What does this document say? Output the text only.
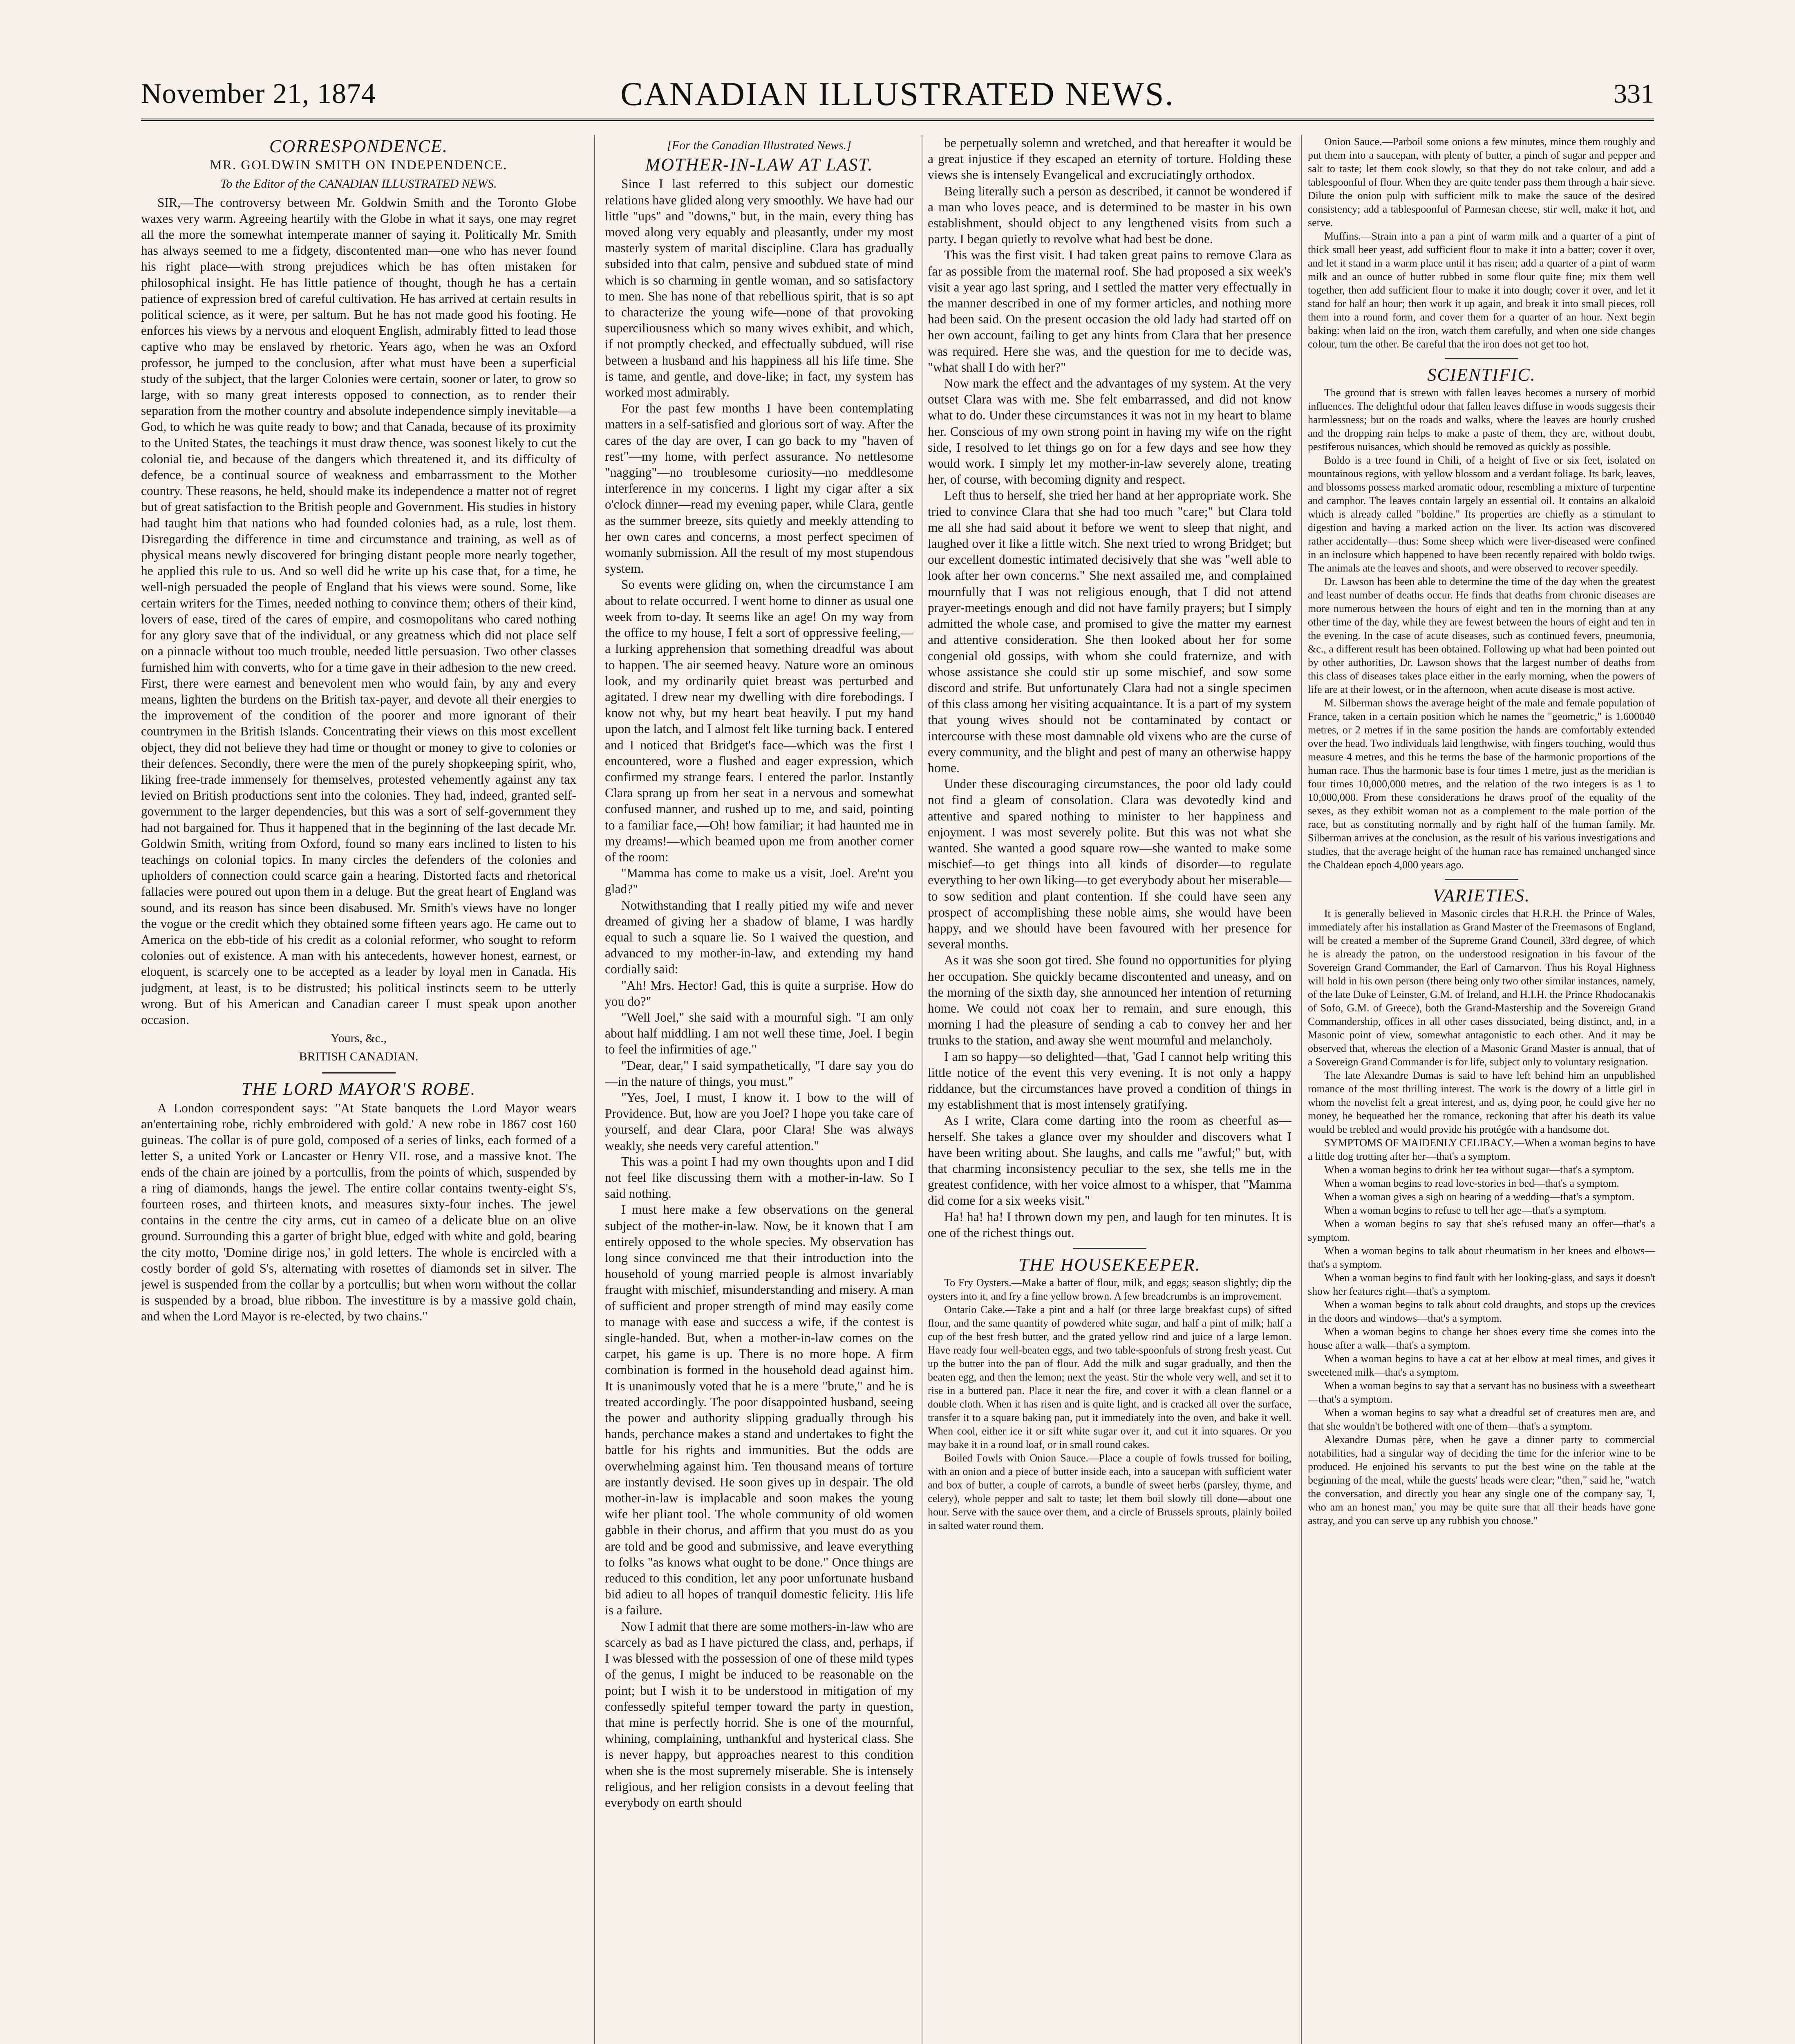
November 21, 1874	CANADIAN ILLUSTRATED NEWS.	331
CORRESPONDENCE.
MR. GOLDWIN SMITH ON INDEPENDENCE.
To the Editor of the CANADIAN ILLUSTRATED NEWS.

SIR,—The controversy between Mr. Goldwin Smith and the Toronto Globe waxes very warm. Agreeing heartily with the Globe in what it says, one may regret all the more the somewhat intemperate manner of saying it. Politically Mr. Smith has always seemed to me a fidgety, discontented man—one who has never found his right place—with strong prejudices which he has often mistaken for philosophical insight. He has little patience of thought, though he has a certain patience of expression bred of careful cultivation. He has arrived at certain results in political science, as it were, per saltum. But he has not made good his footing. He enforces his views by a nervous and eloquent English, admirably fitted to lead those captive who may be enslaved by rhetoric. Years ago, when he was an Oxford professor, he jumped to the conclusion, after what must have been a superficial study of the subject, that the larger Colonies were certain, sooner or later, to grow so large, with so many great interests opposed to connection, as to render their separation from the mother country and absolute independence simply inevitable—a God, to which he was quite ready to bow; and that Canada, because of its proximity to the United States, the teachings it must draw thence, was soonest likely to cut the colonial tie, and because of the dangers which threatened it, and its difficulty of defence, be a continual source of weakness and embarrassment to the Mother country. These reasons, he held, should make its independence a matter not of regret but of great satisfaction to the British people and Government. His studies in history had taught him that nations who had founded colonies had, as a rule, lost them. Disregarding the difference in time and circumstance and training, as well as of physical means newly discovered for bringing distant people more nearly together, he applied this rule to us. And so well did he write up his case that, for a time, he well-nigh persuaded the people of England that his views were sound. Some, like certain writers for the Times, needed nothing to convince them; others of their kind, lovers of ease, tired of the cares of empire, and cosmopolitans who cared nothing for any glory save that of the individual, or any greatness which did not place self on a pinnacle without too much trouble, needed little persuasion. Two other classes furnished him with converts, who for a time gave in their adhesion to the new creed. First, there were earnest and benevolent men who would fain, by any and every means, lighten the burdens on the British tax-payer, and devote all their energies to the improvement of the condition of the poorer and more ignorant of their countrymen in the British Islands. Concentrating their views on this most excellent object, they did not believe they had time or thought or money to give to colonies or their defences. Secondly, there were the men of the purely shopkeeping spirit, who, liking free-trade immensely for themselves, protested vehemently against any tax levied on British productions sent into the colonies. They had, indeed, granted self-government to the larger dependencies, but this was a sort of self-government they had not bargained for. Thus it happened that in the beginning of the last decade Mr. Goldwin Smith, writing from Oxford, found so many ears inclined to listen to his teachings on colonial topics. In many circles the defenders of the colonies and upholders of connection could scarce gain a hearing. Distorted facts and rhetorical fallacies were poured out upon them in a deluge. But the great heart of England was sound, and its reason has since been disabused. Mr. Smith's views have no longer the vogue or the credit which they obtained some fifteen years ago. He came out to America on the ebb-tide of his credit as a colonial reformer, who sought to reform colonies out of existence. A man with his antecedents, however honest, earnest, or eloquent, is scarcely one to be accepted as a leader by loyal men in Canada. His judgment, at least, is to be distrusted; his political instincts seem to be utterly wrong. But of his American and Canadian career I must speak upon another occasion.

Yours, &c.,
BRITISH CANADIAN.
THE LORD MAYOR'S ROBE.

A London correspondent says: "At State banquets the Lord Mayor wears an'entertaining robe, richly embroidered with gold.' A new robe in 1867 cost 160 guineas. The collar is of pure gold, composed of a series of links, each formed of a letter S, a united York or Lancaster or Henry VII. rose, and a massive knot. The ends of the chain are joined by a portcullis, from the points of which, suspended by a ring of diamonds, hangs the jewel. The entire collar contains twenty-eight S's, fourteen roses, and thirteen knots, and measures sixty-four inches. The jewel contains in the centre the city arms, cut in cameo of a delicate blue on an olive ground. Surrounding this a garter of bright blue, edged with white and gold, bearing the city motto, 'Domine dirige nos,' in gold letters. The whole is encircled with a costly border of gold S's, alternating with rosettes of diamonds set in silver. The jewel is suspended from the collar by a portcullis; but when worn without the collar is suspended by a broad, blue ribbon. The investiture is by a massive gold chain, and when the Lord Mayor is re-elected, by two chains."

[For the Canadian Illustrated News.]
MOTHER-IN-LAW AT LAST.

Since I last referred to this subject our domestic relations have glided along very smoothly. We have had our little "ups" and "downs," but, in the main, every thing has moved along very equably and pleasantly, under my most masterly system of marital discipline. Clara has gradually subsided into that calm, pensive and subdued state of mind which is so charming in gentle woman, and so satisfactory to men. She has none of that rebellious spirit, that is so apt to characterize the young wife—none of that provoking superciliousness which so many wives exhibit, and which, if not promptly checked, and effectually subdued, will rise between a husband and his happiness all his life time. She is tame, and gentle, and dove-like; in fact, my system has worked most admirably.

For the past few months I have been contemplating matters in a self-satisfied and glorious sort of way. After the cares of the day are over, I can go back to my "haven of rest"—my home, with perfect assurance. No nettlesome "nagging"—no troublesome curiosity—no meddlesome interference in my concerns. I light my cigar after a six o'clock dinner—read my evening paper, while Clara, gentle as the summer breeze, sits quietly and meekly attending to her own cares and concerns, a most perfect specimen of womanly submission. All the result of my most stupendous system.

So events were gliding on, when the circumstance I am about to relate occurred. I went home to dinner as usual one week from to-day. It seems like an age! On my way from the office to my house, I felt a sort of oppressive feeling,—a lurking apprehension that something dreadful was about to happen. The air seemed heavy. Nature wore an ominous look, and my ordinarily quiet breast was perturbed and agitated. I drew near my dwelling with dire forebodings. I know not why, but my heart beat heavily. I put my hand upon the latch, and I almost felt like turning back. I entered and I noticed that Bridget's face—which was the first I encountered, wore a flushed and eager expression, which confirmed my strange fears. I entered the parlor. Instantly Clara sprang up from her seat in a nervous and somewhat confused manner, and rushed up to me, and said, pointing to a familiar face,—Oh! how familiar; it had haunted me in my dreams!—which beamed upon me from another corner of the room:

"Mamma has come to make us a visit, Joel. Are'nt you glad?"

Notwithstanding that I really pitied my wife and never dreamed of giving her a shadow of blame, I was hardly equal to such a square lie. So I waived the question, and advanced to my mother-in-law, and extending my hand cordially said:

"Ah! Mrs. Hector! Gad, this is quite a surprise. How do you do?"

"Well Joel," she said with a mournful sigh. "I am only about half middling. I am not well these time, Joel. I begin to feel the infirmities of age."

"Dear, dear," I said sympathetically, "I dare say you do—in the nature of things, you must."

"Yes, Joel, I must, I know it. I bow to the will of Providence. But, how are you Joel? I hope you take care of yourself, and dear Clara, poor Clara! She was always weakly, she needs very careful attention."

This was a point I had my own thoughts upon and I did not feel like discussing them with a mother-in-law. So I said nothing.

I must here make a few observations on the general subject of the mother-in-law. Now, be it known that I am entirely opposed to the whole species. My observation has long since convinced me that their introduction into the household of young married people is almost invariably fraught with mischief, misunderstanding and misery. A man of sufficient and proper strength of mind may easily come to manage with ease and success a wife, if the contest is single-handed. But, when a mother-in-law comes on the carpet, his game is up. There is no more hope. A firm combination is formed in the household dead against him. It is unanimously voted that he is a mere "brute," and he is treated accordingly. The poor disappointed husband, seeing the power and authority slipping gradually through his hands, perchance makes a stand and undertakes to fight the battle for his rights and immunities. But the odds are overwhelming against him. Ten thousand means of torture are instantly devised. He soon gives up in despair. The old mother-in-law is implacable and soon makes the young wife her pliant tool. The whole community of old women gabble in their chorus, and affirm that you must do as you are told and be good and submissive, and leave everything to folks "as knows what ought to be done." Once things are reduced to this condition, let any poor unfortunate husband bid adieu to all hopes of tranquil domestic felicity. His life is a failure.

Now I admit that there are some mothers-in-law who are scarcely as bad as I have pictured the class, and, perhaps, if I was blessed with the possession of one of these mild types of the genus, I might be induced to be reasonable on the point; but I wish it to be understood in mitigation of my confessedly spiteful temper toward the party in question, that mine is perfectly horrid. She is one of the mournful, whining, complaining, unthankful and hysterical class. She is never happy, but approaches nearest to this condition when she is the most supremely miserable. She is intensely religious, and her religion consists in a devout feeling that everybody on earth should

be perpetually solemn and wretched, and that hereafter it would be a great injustice if they escaped an eternity of torture. Holding these views she is intensely Evangelical and excruciatingly orthodox.

Being literally such a person as described, it cannot be wondered if a man who loves peace, and is determined to be master in his own establishment, should object to any lengthened visits from such a party. I began quietly to revolve what had best be done.

This was the first visit. I had taken great pains to remove Clara as far as possible from the maternal roof. She had proposed a six week's visit a year ago last spring, and I settled the matter very effectually in the manner described in one of my former articles, and nothing more had been said. On the present occasion the old lady had started off on her own account, failing to get any hints from Clara that her presence was required. Here she was, and the question for me to decide was, "what shall I do with her?"

Now mark the effect and the advantages of my system. At the very outset Clara was with me. She felt embarrassed, and did not know what to do. Under these circumstances it was not in my heart to blame her. Conscious of my own strong point in having my wife on the right side, I resolved to let things go on for a few days and see how they would work. I simply let my mother-in-law severely alone, treating her, of course, with becoming dignity and respect.

Left thus to herself, she tried her hand at her appropriate work. She tried to convince Clara that she had too much "care;" but Clara told me all she had said about it before we went to sleep that night, and laughed over it like a little witch. She next tried to wrong Bridget; but our excellent domestic intimated decisively that she was "well able to look after her own concerns." She next assailed me, and complained mournfully that I was not religious enough, that I did not attend prayer-meetings enough and did not have family prayers; but I simply admitted the whole case, and promised to give the matter my earnest and attentive consideration. She then looked about her for some congenial old gossips, with whom she could fraternize, and with whose assistance she could stir up some mischief, and sow some discord and strife. But unfortunately Clara had not a single specimen of this class among her visiting acquaintance. It is a part of my system that young wives should not be contaminated by contact or intercourse with these most damnable old vixens who are the curse of every community, and the blight and pest of many an otherwise happy home.

Under these discouraging circumstances, the poor old lady could not find a gleam of consolation. Clara was devotedly kind and attentive and spared nothing to minister to her happiness and enjoyment. I was most severely polite. But this was not what she wanted. She wanted a good square row—she wanted to make some mischief—to get things into all kinds of disorder—to regulate everything to her own liking—to get everybody about her miserable—to sow sedition and plant contention. If she could have seen any prospect of accomplishing these noble aims, she would have been happy, and we should have been favoured with her presence for several months.

As it was she soon got tired. She found no opportunities for plying her occupation. She quickly became discontented and uneasy, and on the morning of the sixth day, she announced her intention of returning home. We could not coax her to remain, and sure enough, this morning I had the pleasure of sending a cab to convey her and her trunks to the station, and away she went mournful and melancholy.

I am so happy—so delighted—that, 'Gad I cannot help writing this little notice of the event this very evening. It is not only a happy riddance, but the circumstances have proved a condition of things in my establishment that is most intensely gratifying.

As I write, Clara come darting into the room as cheerful as—herself. She takes a glance over my shoulder and discovers what I have been writing about. She laughs, and calls me "awful;" but, with that charming inconsistency peculiar to the sex, she tells me in the greatest confidence, with her voice almost to a whisper, that "Mamma did come for a six weeks visit."

Ha! ha! ha! I thrown down my pen, and laugh for ten minutes. It is one of the richest things out.

THE HOUSEKEEPER.

To Fry Oysters.—Make a batter of flour, milk, and eggs; season slightly; dip the oysters into it, and fry a fine yellow brown. A few breadcrumbs is an improvement.

Ontario Cake.—Take a pint and a half (or three large breakfast cups) of sifted flour, and the same quantity of powdered white sugar, and half a pint of milk; half a cup of the best fresh butter, and the grated yellow rind and juice of a large lemon. Have ready four well-beaten eggs, and two table-spoonfuls of strong fresh yeast. Cut up the butter into the pan of flour. Add the milk and sugar gradually, and then the beaten egg, and then the lemon; next the yeast. Stir the whole very well, and set it to rise in a buttered pan. Place it near the fire, and cover it with a clean flannel or a double cloth. When it has risen and is quite light, and is cracked all over the surface, transfer it to a square baking pan, put it immediately into the oven, and bake it well. When cool, either ice it or sift white sugar over it, and cut it into squares. Or you may bake it in a round loaf, or in small round cakes.

Boiled Fowls with Onion Sauce.—Place a couple of fowls trussed for boiling, with an onion and a piece of butter inside each, into a saucepan with sufficient water and box of butter, a couple of carrots, a bundle of sweet herbs (parsley, thyme, and celery), whole pepper and salt to taste; let them boil slowly till done—about one hour. Serve with the sauce over them, and a circle of Brussels sprouts, plainly boiled in salted water round them.

Onion Sauce.—Parboil some onions a few minutes, mince them roughly and put them into a saucepan, with plenty of butter, a pinch of sugar and pepper and salt to taste; let them cook slowly, so that they do not take colour, and add a tablespoonful of flour. When they are quite tender pass them through a hair sieve. Dilute the onion pulp with sufficient milk to make the sauce of the desired consistency; add a tablespoonful of Parmesan cheese, stir well, make it hot, and serve.

Muffins.—Strain into a pan a pint of warm milk and a quarter of a pint of thick small beer yeast, add sufficient flour to make it into a batter; cover it over, and let it stand in a warm place until it has risen; add a quarter of a pint of warm milk and an ounce of butter rubbed in some flour quite fine; mix them well together, then add sufficient flour to make it into dough; cover it over, and let it stand for half an hour; then work it up again, and break it into small pieces, roll them into a round form, and cover them for a quarter of an hour. Next begin baking: when laid on the iron, watch them carefully, and when one side changes colour, turn the other. Be careful that the iron does not get too hot.

SCIENTIFIC.

The ground that is strewn with fallen leaves becomes a nursery of morbid influences. The delightful odour that fallen leaves diffuse in woods suggests their harmlessness; but on the roads and walks, where the leaves are hourly crushed and the dropping rain helps to make a paste of them, they are, without doubt, pestiferous nuisances, which should be removed as quickly as possible.

Boldo is a tree found in Chili, of a height of five or six feet, isolated on mountainous regions, with yellow blossom and a verdant foliage. Its bark, leaves, and blossoms possess marked aromatic odour, resembling a mixture of turpentine and camphor. The leaves contain largely an essential oil. It contains an alkaloid which is already called "boldine." Its properties are chiefly as a stimulant to digestion and having a marked action on the liver. Its action was discovered rather accidentally—thus: Some sheep which were liver-diseased were confined in an inclosure which happened to have been recently repaired with boldo twigs. The animals ate the leaves and shoots, and were observed to recover speedily.

Dr. Lawson has been able to determine the time of the day when the greatest and least number of deaths occur. He finds that deaths from chronic diseases are more numerous between the hours of eight and ten in the morning than at any other time of the day, while they are fewest between the hours of eight and ten in the evening. In the case of acute diseases, such as continued fevers, pneumonia, &c., a different result has been obtained. Following up what had been pointed out by other authorities, Dr. Lawson shows that the largest number of deaths from this class of diseases takes place either in the early morning, when the powers of life are at their lowest, or in the afternoon, when acute disease is most active.

M. Silberman shows the average height of the male and female population of France, taken in a certain position which he names the "geometric," is 1.600040 metres, or 2 metres if in the same position the hands are comfortably extended over the head. Two individuals laid lengthwise, with fingers touching, would thus measure 4 metres, and this he terms the base of the harmonic proportions of the human race. Thus the harmonic base is four times 1 metre, just as the meridian is four times 10,000,000 metres, and the relation of the two integers is as 1 to 10,000,000. From these considerations he draws proof of the equality of the sexes, as they exhibit woman not as a complement to the male portion of the race, but as constituting normally and by right half of the human family. Mr. Silberman arrives at the conclusion, as the result of his various investigations and studies, that the average height of the human race has remained unchanged since the Chaldean epoch 4,000 years ago.

VARIETIES.

It is generally believed in Masonic circles that H.R.H. the Prince of Wales, immediately after his installation as Grand Master of the Freemasons of England, will be created a member of the Supreme Grand Council, 33rd degree, of which he is already the patron, on the understood resignation in his favour of the Sovereign Grand Commander, the Earl of Carnarvon. Thus his Royal Highness will hold in his own person (there being only two other similar instances, namely, of the late Duke of Leinster, G.M. of Ireland, and H.I.H. the Prince Rhodocanakis of Sofo, G.M. of Greece), both the Grand-Mastership and the Sovereign Grand Commandership, offices in all other cases dissociated, being distinct, and, in a Masonic point of view, somewhat antagonistic to each other. And it may be observed that, whereas the election of a Masonic Grand Master is annual, that of a Sovereign Grand Commander is for life, subject only to voluntary resignation.

The late Alexandre Dumas is said to have left behind him an unpublished romance of the most thrilling interest. The work is the dowry of a little girl in whom the novelist felt a great interest, and as, dying poor, he could give her no money, he bequeathed her the romance, reckoning that after his death its value would be trebled and would provide his protégée with a handsome dot.

SYMPTOMS OF MAIDENLY CELIBACY.—When a woman begins to have a little dog trotting after her—that's a symptom.

When a woman begins to drink her tea without sugar—that's a symptom.

When a woman begins to read love-stories in bed—that's a symptom.

When a woman gives a sigh on hearing of a wedding—that's a symptom.

When a woman begins to refuse to tell her age—that's a symptom.

When a woman begins to say that she's refused many an offer—that's a symptom.

When a woman begins to talk about rheumatism in her knees and elbows—that's a symptom.

When a woman begins to find fault with her looking-glass, and says it doesn't show her features right—that's a symptom.

When a woman begins to talk about cold draughts, and stops up the crevices in the doors and windows—that's a symptom.

When a woman begins to change her shoes every time she comes into the house after a walk—that's a symptom.

When a woman begins to have a cat at her elbow at meal times, and gives it sweetened milk—that's a symptom.

When a woman begins to say that a servant has no business with a sweetheart—that's a symptom.

When a woman begins to say what a dreadful set of creatures men are, and that she wouldn't be bothered with one of them—that's a symptom.

Alexandre Dumas père, when he gave a dinner party to commercial notabilities, had a singular way of deciding the time for the inferior wine to be produced. He enjoined his servants to put the best wine on the table at the beginning of the meal, while the guests' heads were clear; "then," said he, "watch the conversation, and directly you hear any single one of the company say, 'I, who am an honest man,' you may be quite sure that all their heads have gone astray, and you can serve up any rubbish you choose."
